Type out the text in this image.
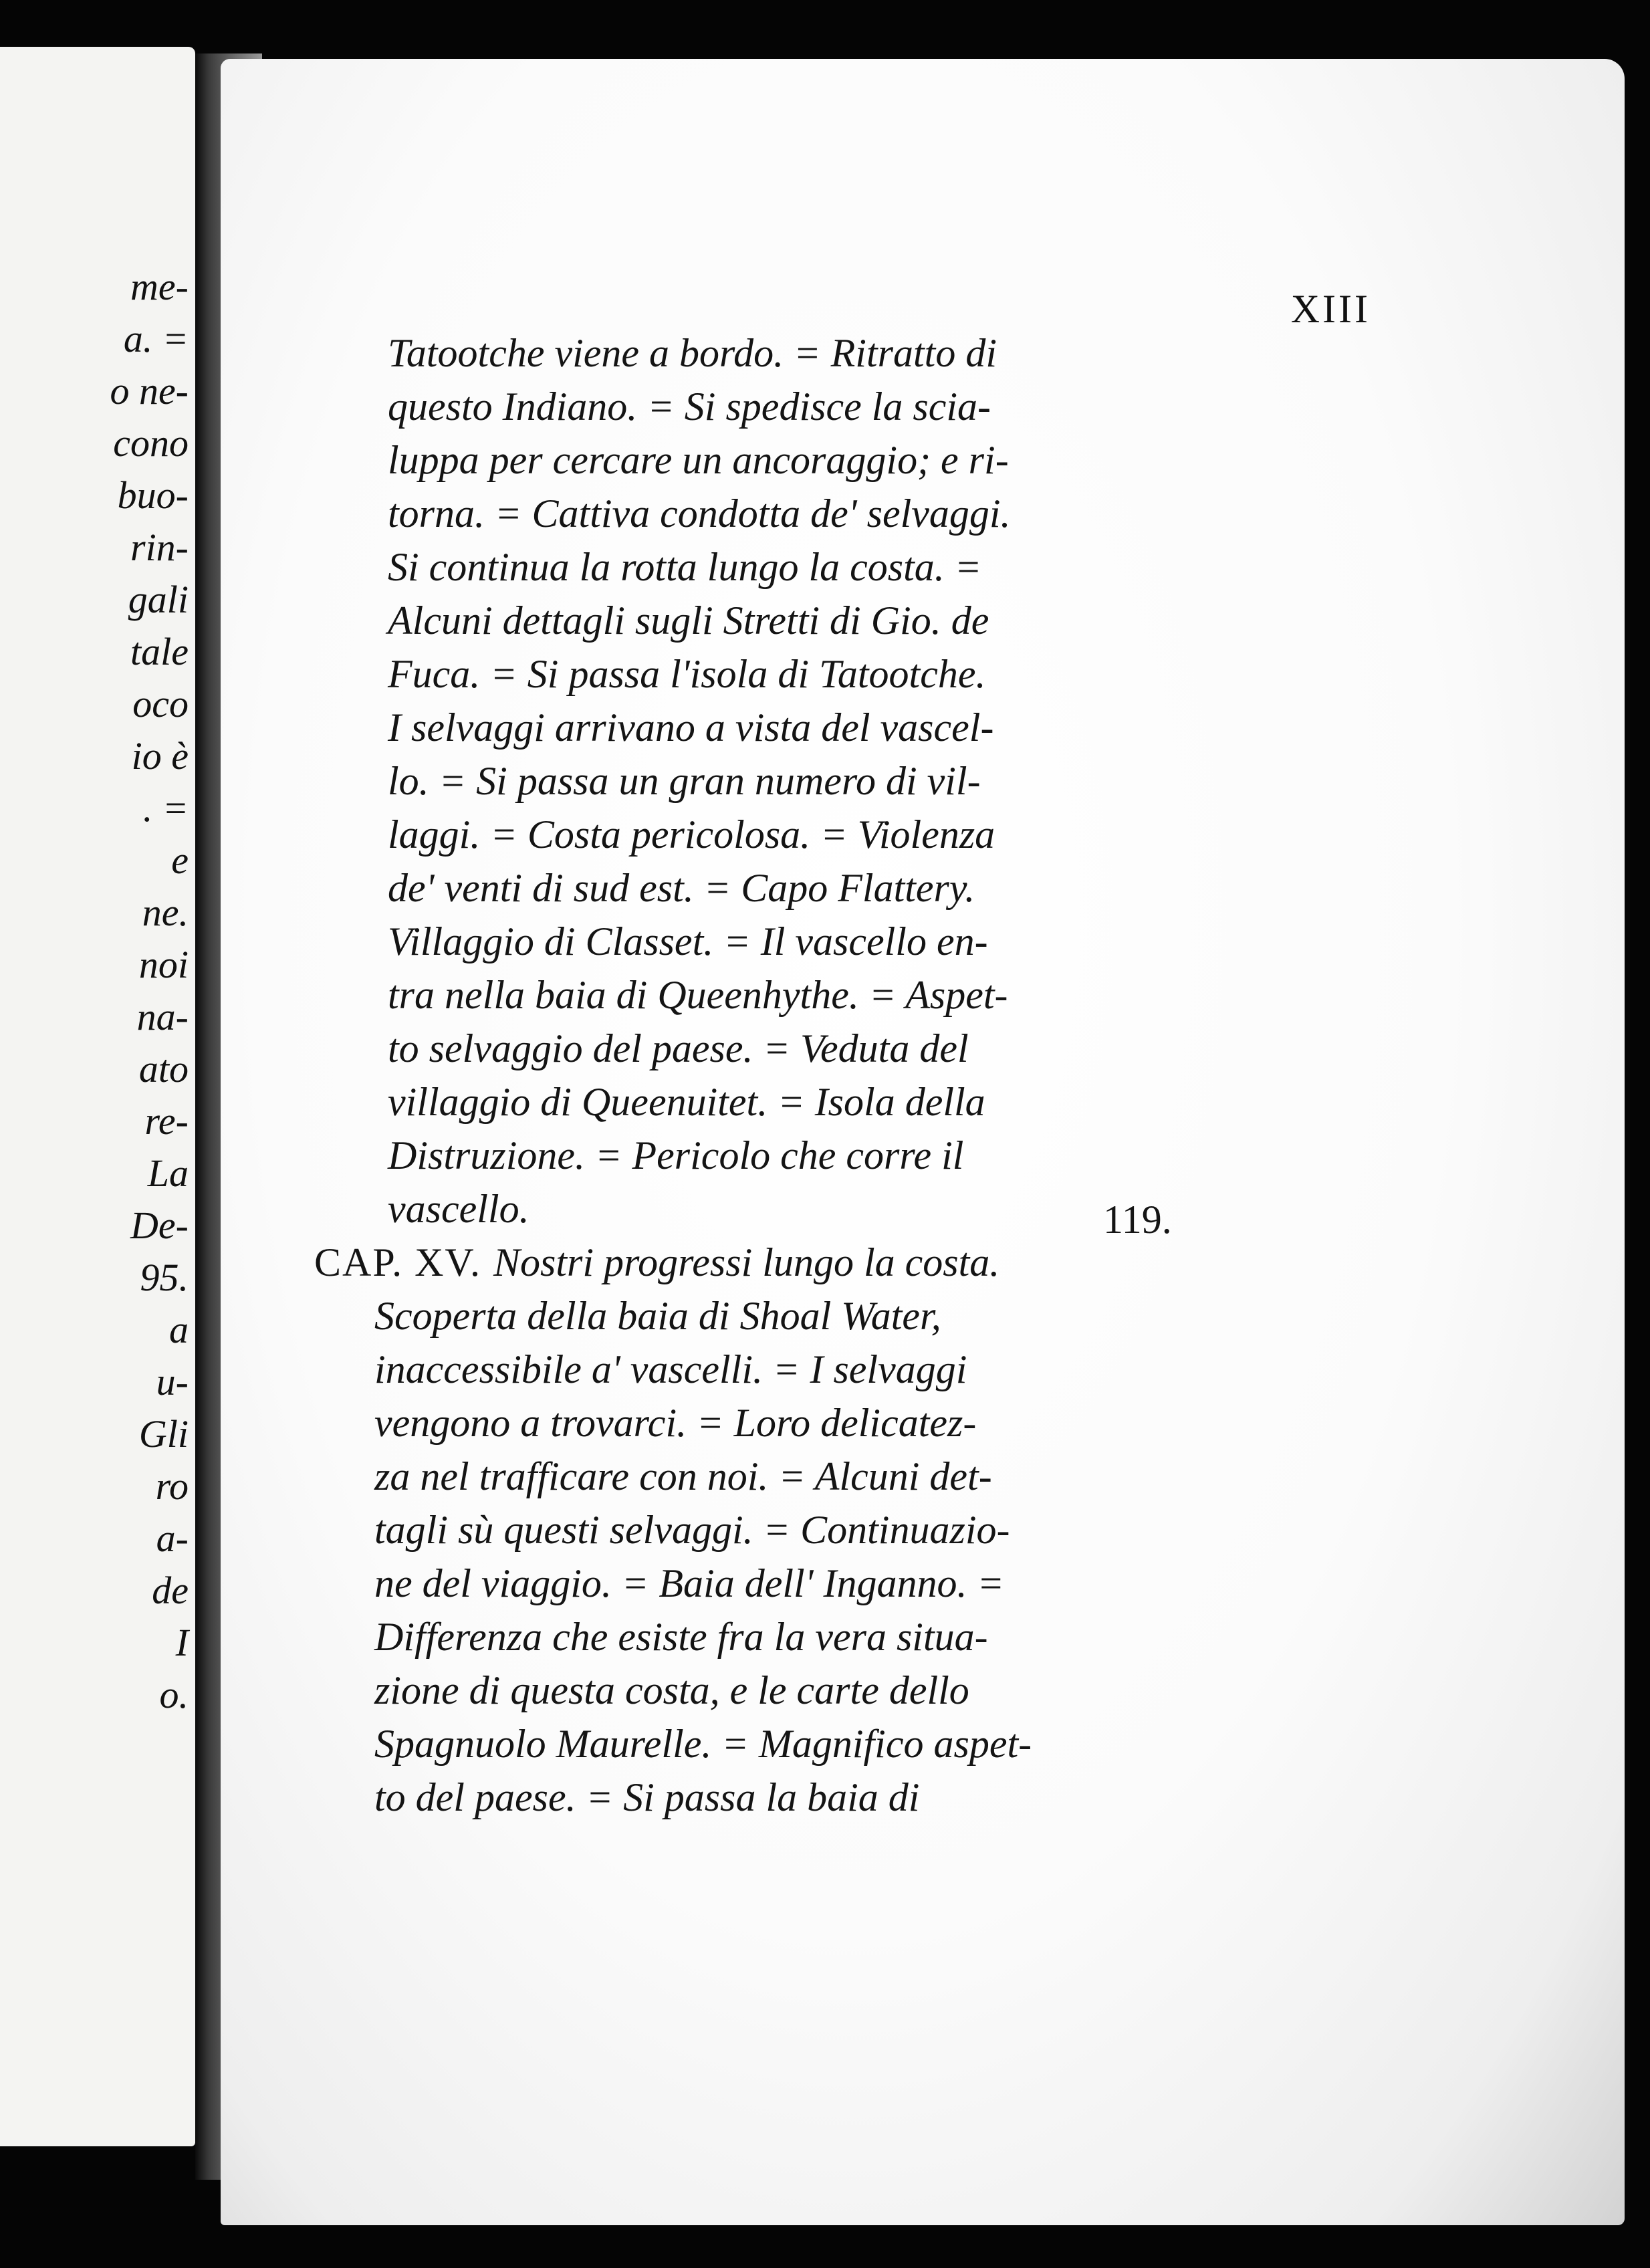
me-
a. =
o ne-
cono
buo-
rin-
gali
tale
oco
io è
. =
e
ne.
noi
na-
ato
re-
La
De-
95.
a
u-
Gli
ro
a-
de
I
o.
XIII
Tatootche viene a bordo. = Ritratto di
questo Indiano. = Si spedisce la scia-
luppa per cercare un ancoraggio; e ri-
torna. = Cattiva condotta de' selvaggi.
Si continua la rotta lungo la costa. =
Alcuni dettagli sugli Stretti di Gio. de
Fuca. = Si passa l'isola di Tatootche.
I selvaggi arrivano a vista del vascel-
lo. = Si passa un gran numero di vil-
laggi. = Costa pericolosa. = Violenza
de' venti di sud est. = Capo Flattery.
Villaggio di Classet. = Il vascello en-
tra nella baia di Queenhythe. = Aspet-
to selvaggio del paese. = Veduta del
villaggio di Queenuitet. = Isola della
Distruzione. = Pericolo che corre il
vascello.	119.
CAP. XV. Nostri progressi lungo la costa.
Scoperta della baia di Shoal Water,
inaccessibile a' vascelli. = I selvaggi
vengono a trovarci. = Loro delicatez-
za nel trafficare con noi. = Alcuni det-
tagli sù questi selvaggi. = Continuazio-
ne del viaggio. = Baia dell' Inganno. =
Differenza che esiste fra la vera situa-
zione di questa costa, e le carte dello
Spagnuolo Maurelle. = Magnifico aspet-
to del paese. = Si passa la baia di
